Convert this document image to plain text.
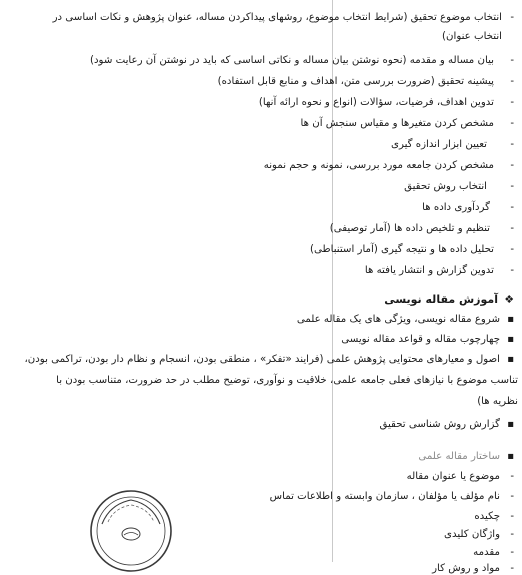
-
انتخاب موضوع تحقیق (شرایط انتخاب موضوع، روشهای پیداکردن مساله، عنوان پژوهش و نکات اساسی در
انتخاب عنوان)
-
بیان مساله و مقدمه (نحوه نوشتن بیان مساله و نکاتی اساسی که باید در نوشتن آن رعایت شود)
-
پیشینه تحقیق (ضرورت بررسی متن، اهداف و منابع قابل استفاده)
-
تدوین اهداف، فرضیات، سؤالات (انواع و نحوه ارائه آنها)
-
مشخص کردن متغیرها و مقیاس سنجش آن ها
-
تعیین ابزار اندازه گیری
-
مشخص کردن جامعه مورد بررسی، نمونه و حجم نمونه
-
انتخاب روش تحقیق
-
گردآوری داده ها
-
تنظیم و تلخیص داده ها (آمار توصیفی)
-
تحلیل داده ها و نتیجه گیری (آمار استنباطی)
-
تدوین گزارش و انتشار یافته ها
❖
آموزش مقاله نویسی
▪
شروع مقاله نویسی، ویژگی های یک مقاله علمی
▪
چهارچوب مقاله و قواعد مقاله نویسی
▪
اصول و معیارهای محتوایی پژوهش علمی (فرایند «تفکر» ، منطقی بودن، انسجام و نظام دار بودن، تراکمی بودن،
تناسب موضوع با نیازهای فعلی جامعه علمی، خلاقیت و نوآوری، توضیح مطلب در حد ضرورت، متناسب بودن با
نظریه ها)
▪
گزارش روش شناسی تحقیق
▪
ساختار مقاله علمی
-
موضوع یا عنوان مقاله
-
نام مؤلف یا مؤلفان ، سازمان وابسته و اطلاعات تماس
-
چکیده
-
واژگان کلیدی
-
مقدمه
-
مواد و روش کار
